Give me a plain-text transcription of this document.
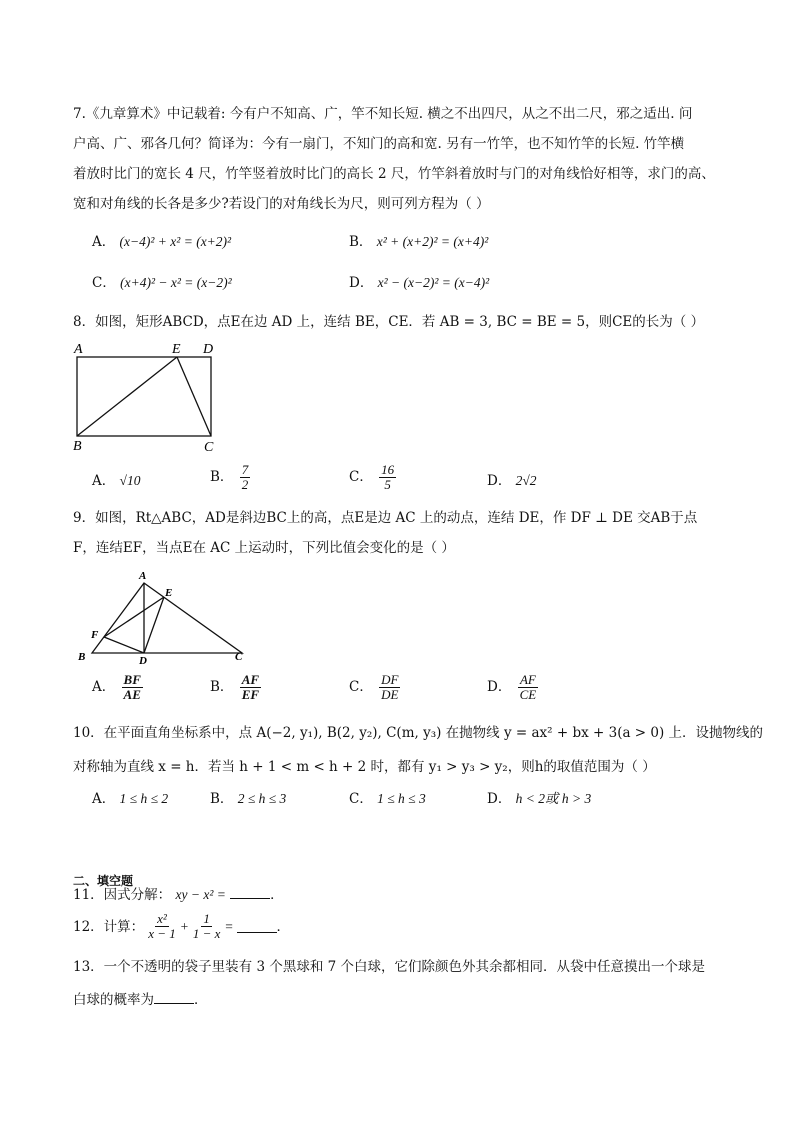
7.《九章算术》中记载着: 今有户不知高、广，竿不知长短. 横之不出四尺，从之不出二尺，邪之适出. 问
户高、广、邪各几何？简译为：今有一扇门，不知门的高和宽. 另有一竹竿，也不知竹竿的长短. 竹竿横
着放时比门的宽长 4 尺，竹竿竖着放时比门的高长 2 尺，竹竿斜着放时与门的对角线恰好相等，求门的高、
宽和对角线的长各是多少?若设门的对角线长为尺，则可列方程为（ ）
A． (x−4)² + x² = (x+2)²	B． x² + (x+2)² = (x+4)²
C． (x+4)² − x² = (x−2)²	D． x² − (x−2)² = (x−4)²
8．如图，矩形ABCD，点E在边 AD 上，连结 BE，CE．若 AB = 3, BC = BE = 5，则CE的长为（ ）
A	E D
B	C
A． √10	B． $\frac{7}{2}$	C． $\frac{16}{5}$	D． 2√2
9．如图，Rt△ABC，AD是斜边BC上的高，点E是边 AC 上的动点，连结 DE，作 DF ⊥ DE 交AB于点
F，连结EF，当点E在 AC 上运动时，下列比值会变化的是（ ）
A
E
F
B	D	C
A． $\frac{BF}{AE}$	B． $\frac{AF}{EF}$	C． $\frac{DF}{DE}$	D． $\frac{AF}{CE}$
10．在平面直角坐标系中，点 A(−2, y₁), B(2, y₂), C(m, y₃) 在抛物线 y = ax² + bx + 3(a > 0) 上．设抛物线的
对称轴为直线 x = h．若当 h + 1 < m < h + 2 时，都有 y₁ > y₃ > y₂，则h的取值范围为（ ）
A． 1 ≤ h ≤ 2	B． 2 ≤ h ≤ 3	C． 1 ≤ h ≤ 3	D． h < 2或 h > 3
二、填空题
11．因式分解： xy − x² =	．
12．计算： $\frac{\text{x²}}{x - 1} + \frac{1}{1 - x}$ =	．
13．一个不透明的袋子里装有 3 个黑球和 7 个白球，它们除颜色外其余都相同．从袋中任意摸出一个球是
白球的概率为	．
